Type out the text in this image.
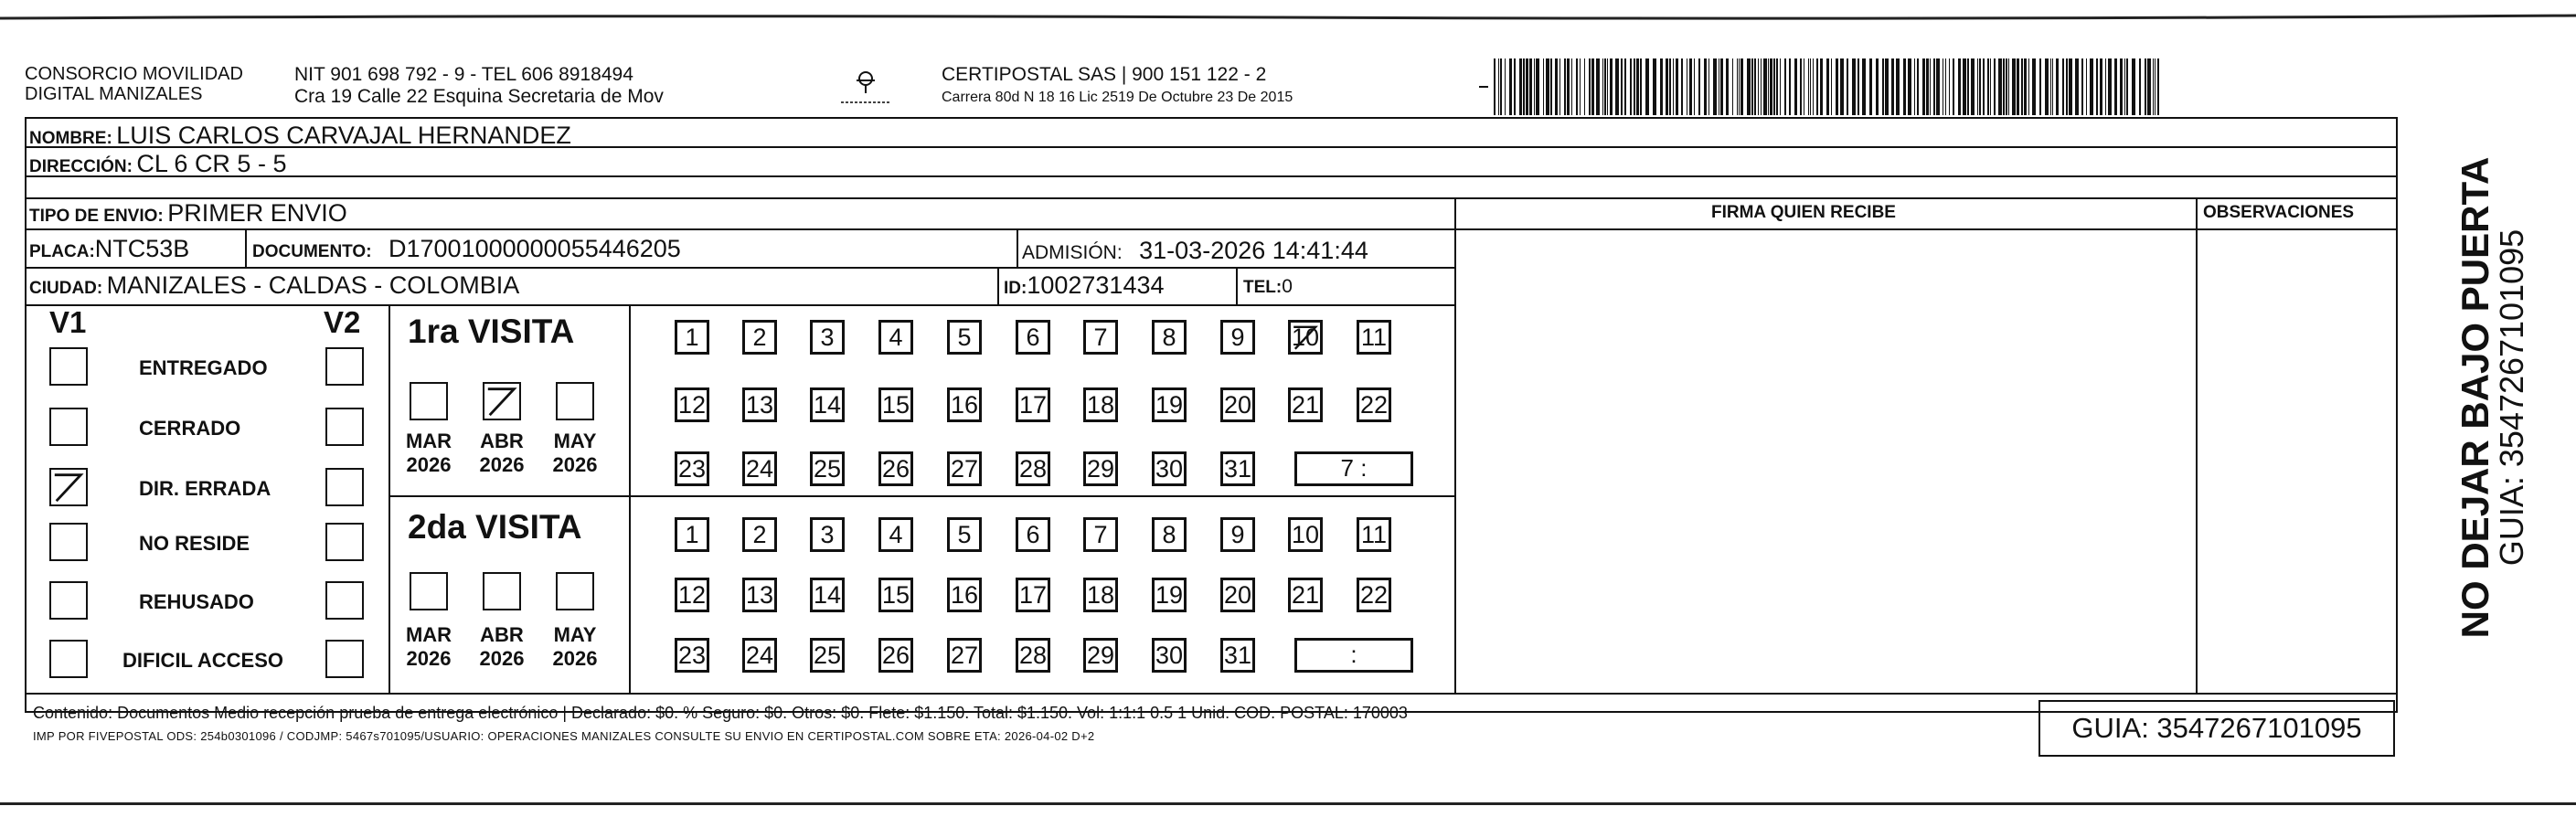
CONSORCIO MOVILIDAD
DIGITAL MANIZALES
NIT 901 698 792 - 9 - TEL 606 8918494
Cra 19 Calle 22 Esquina Secretaria de Mov
CERTIPOSTAL SAS | 900 151 122 - 2
Carrera 80d N 18 16 Lic 2519 De Octubre 23 De 2015
NOMBRE: LUIS CARLOS CARVAJAL HERNANDEZ
DIRECCIÓN: CL 6 CR 5 - 5
TIPO DE ENVIO: PRIMER ENVIO	FIRMA QUIEN RECIBE	OBSERVACIONES
PLACA:NTC53B	DOCUMENTO: D17001000000055446205	ADMISIÓN: 31-03-2026 14:41:44
CIUDAD: MANIZALES - CALDAS - COLOMBIA	ID:1002731434	TEL:0
V1	V2
ENTREGADO
CERRADO
DIR. ERRADA
NO RESIDE
REHUSADO
DIFICIL ACCESO
1ra VISITA
2da VISITA
MAR
2026
ABR
2026
MAY
2026
MAR
2026
ABR
2026
MAY
2026
1	2	3	4	5	6	7	8	9	10 11
12 13 14 15 16 17 18 19 20 21 22
23 24 25 26 27 28 29 30 31	7 :
1	2	3	4	5	6	7	8	9	10 11
12 13 14 15 16 17 18 19 20 21 22
23 24 25 26 27 28 29 30 31	:
Contenido: Documentos Medio recepción prueba de entrega electrónico | Declarado: $0. % Seguro: $0. Otros: $0. Flete: $1.150. Total: $1.150. Vol: 1:1:1 0.5 1 Unid. COD. POSTAL: 170003
IMP POR FIVEPOSTAL ODS: 254b0301096 / CODJMP: 5467s701095/USUARIO: OPERACIONES MANIZALES CONSULTE SU ENVIO EN CERTIPOSTAL.COM SOBRE ETA: 2026-04-02 D+2	GUIA: 3547267101095
NO DEJAR BAJO PUERTA
GUIA: 3547267101095
